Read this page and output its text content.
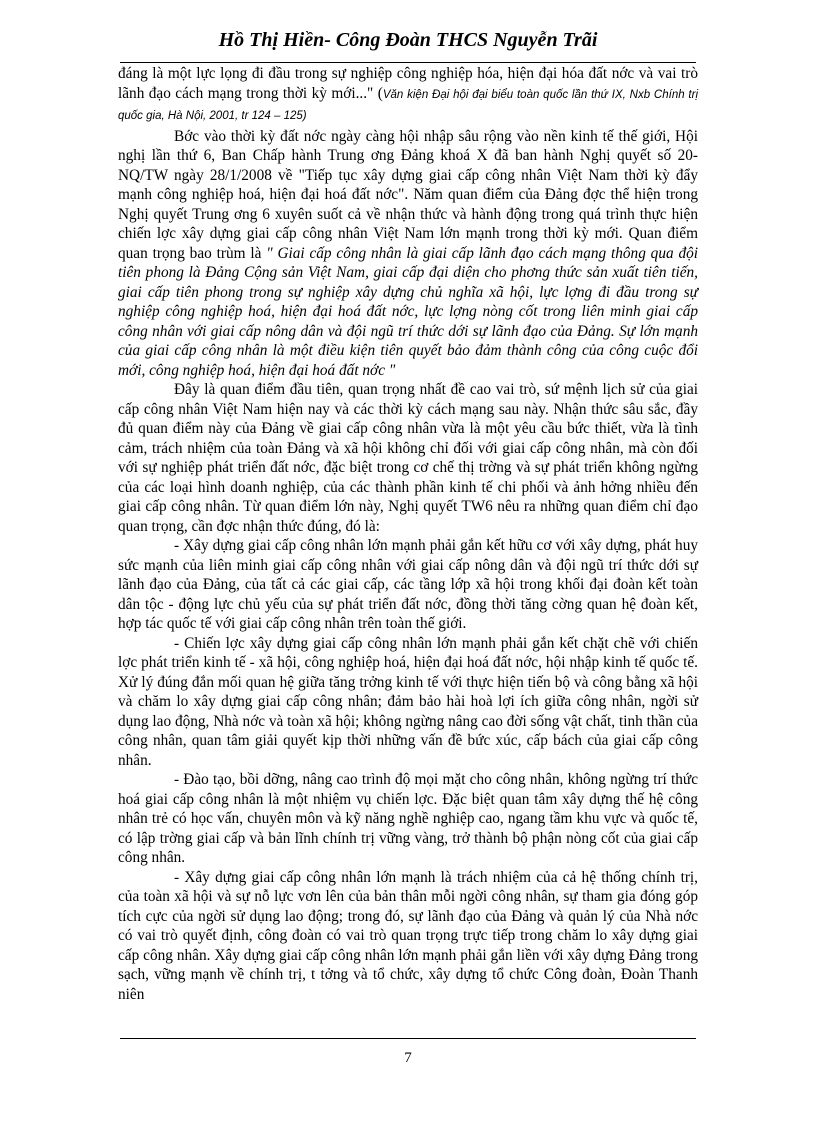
Hồ Thị Hiền- Công Đoàn THCS Nguyễn Trãi

đáng là một lực lọng đi đầu trong sự nghiệp công nghiệp hóa, hiện đại hóa đất nớc và vai trò lãnh đạo cách mạng trong thời kỳ mới..." (Văn kiện Đại hội đại biểu toàn quốc lần thứ IX, Nxb Chính trị quốc gia, Hà Nội, 2001, tr 124 – 125)

Bớc vào thời kỳ đất nớc ngày càng hội nhập sâu rộng vào nền kinh tế thế giới, Hội nghị lần thứ 6, Ban Chấp hành Trung ơng Đảng khoá X đã ban hành Nghị quyết số 20-NQ/TW ngày 28/1/2008 về "Tiếp tục xây dựng giai cấp công nhân Việt Nam thời kỳ đẩy mạnh công nghiệp hoá, hiện đại hoá đất nớc". Năm quan điểm của Đảng đợc thể hiện trong Nghị quyết Trung ơng 6 xuyên suốt cả về nhận thức và hành động trong quá trình thực hiện chiến lợc xây dựng giai cấp công nhân Việt Nam lớn mạnh trong thời kỳ mới. Quan điểm quan trọng bao trùm là " Giai cấp công nhân là giai cấp lãnh đạo cách mạng thông qua đội tiên phong là Đảng Cộng sản Việt Nam, giai cấp đại diện cho phơng thức sản xuất tiên tiến, giai cấp tiên phong trong sự nghiệp xây dựng chủ nghĩa xã hội, lực lợng đi đầu trong sự nghiệp công nghiệp hoá, hiện đại hoá đất nớc, lực lợng nòng cốt trong liên minh giai cấp công nhân với giai cấp nông dân và đội ngũ trí thức dới sự lãnh đạo của Đảng. Sự lớn mạnh của giai cấp công nhân là một điều kiện tiên quyết bảo đảm thành công của công cuộc đổi mới, công nghiệp hoá, hiện đại hoá đất nớc "

Đây là quan điểm đầu tiên, quan trọng nhất đề cao vai trò, sứ mệnh lịch sử của giai cấp công nhân Việt Nam hiện nay và các thời kỳ cách mạng sau này. Nhận thức sâu sắc, đầy đủ quan điểm này của Đảng về giai cấp công nhân vừa là một yêu cầu bức thiết, vừa là tình cảm, trách nhiệm của toàn Đảng và xã hội không chỉ đối với giai cấp công nhân, mà còn đối với sự nghiệp phát triển đất nớc, đặc biệt trong cơ chế thị trờng và sự phát triển không ngừng của các loại hình doanh nghiệp, của các thành phần kinh tế chi phối và ảnh hởng nhiều đến giai cấp công nhân. Từ quan điểm lớn này, Nghị quyết TW6 nêu ra những quan điểm chỉ đạo quan trọng, cần đợc nhận thức đúng, đó là:

- Xây dựng giai cấp công nhân lớn mạnh phải gắn kết hữu cơ với xây dựng, phát huy sức mạnh của liên minh giai cấp công nhân với giai cấp nông dân và đội ngũ trí thức dới sự lãnh đạo của Đảng, của tất cả các giai cấp, các tầng lớp xã hội trong khối đại đoàn kết toàn dân tộc - động lực chủ yếu của sự phát triển đất nớc, đồng thời tăng cờng quan hệ đoàn kết, hợp tác quốc tế với giai cấp công nhân trên toàn thế giới.

- Chiến lợc xây dựng giai cấp công nhân lớn mạnh phải gắn kết chặt chẽ với chiến lợc phát triển kinh tế - xã hội, công nghiệp hoá, hiện đại hoá đất nớc, hội nhập kinh tế quốc tế. Xử lý đúng đắn mối quan hệ giữa tăng trởng kinh tế với thực hiện tiến bộ và công bằng xã hội và chăm lo xây dựng giai cấp công nhân; đảm bảo hài hoà lợi ích giữa công nhân, ngời sử dụng lao động, Nhà nớc và toàn xã hội; không ngừng nâng cao đời sống vật chất, tinh thần của công nhân, quan tâm giải quyết kịp thời những vấn đề bức xúc, cấp bách của giai cấp công nhân.

- Đào tạo, bồi dỡng, nâng cao trình độ mọi mặt cho công nhân, không ngừng trí thức hoá giai cấp công nhân là một nhiệm vụ chiến lợc. Đặc biệt quan tâm xây dựng thế hệ công nhân trẻ có học vấn, chuyên môn và kỹ năng nghề nghiệp cao, ngang tầm khu vực và quốc tế, có lập trờng giai cấp và bản lĩnh chính trị vững vàng, trở thành bộ phận nòng cốt của giai cấp công nhân.

- Xây dựng giai cấp công nhân lớn mạnh là trách nhiệm của cả hệ thống chính trị, của toàn xã hội và sự nỗ lực vơn lên của bản thân mỗi ngời công nhân, sự tham gia đóng góp tích cực của ngời sử dụng lao động; trong đó, sự lãnh đạo của Đảng và quản lý của Nhà nớc có vai trò quyết định, công đoàn có vai trò quan trọng trực tiếp trong chăm lo xây dựng giai cấp công nhân. Xây dựng giai cấp công nhân lớn mạnh phải gắn liền với xây dựng Đảng trong sạch, vững mạnh về chính trị, t tởng và tổ chức, xây dựng tổ chức Công đoàn, Đoàn Thanh niên

7
